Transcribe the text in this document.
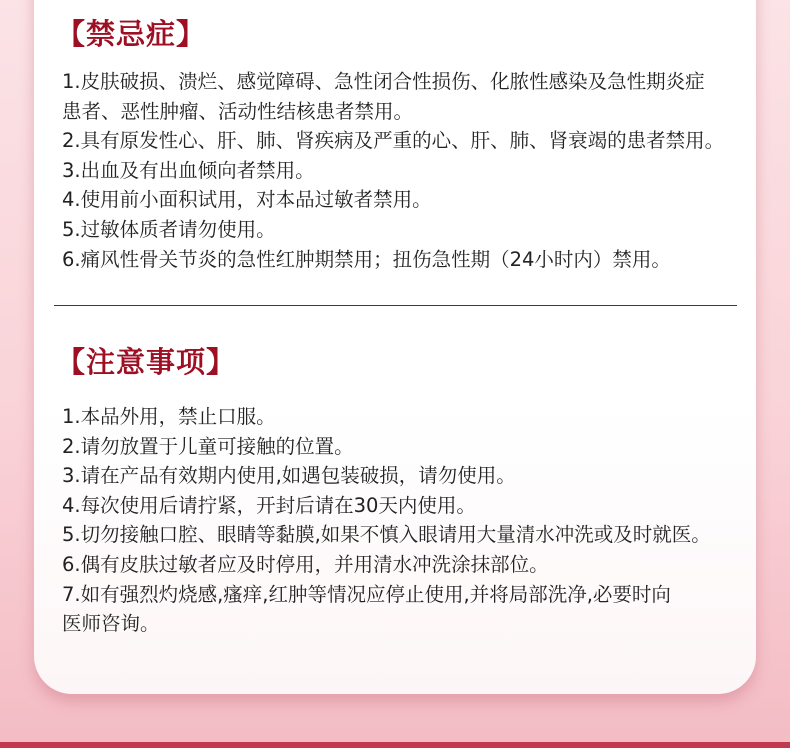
【禁忌症】
1.皮肤破损、溃烂、感觉障碍、急性闭合性损伤、化脓性感染及急性期炎症
患者、恶性肿瘤、活动性结核患者禁用。
2.具有原发性心、肝、肺、肾疾病及严重的心、肝、肺、肾衰竭的患者禁用。
3.出血及有出血倾向者禁用。
4.使用前小面积试用，对本品过敏者禁用。
5.过敏体质者请勿使用。
6.痛风性骨关节炎的急性红肿期禁用；扭伤急性期（24小时内）禁用。
【注意事项】
1.本品外用，禁止口服。
2.请勿放置于儿童可接触的位置。
3.请在产品有效期内使用,如遇包装破损，请勿使用。
4.每次使用后请拧紧，开封后请在30天内使用。
5.切勿接触口腔、眼睛等黏膜,如果不慎入眼请用大量清水冲洗或及时就医。
6.偶有皮肤过敏者应及时停用，并用清水冲洗涂抹部位。
7.如有强烈灼烧感,瘙痒,红肿等情况应停止使用,并将局部洗净,必要时向
医师咨询。
